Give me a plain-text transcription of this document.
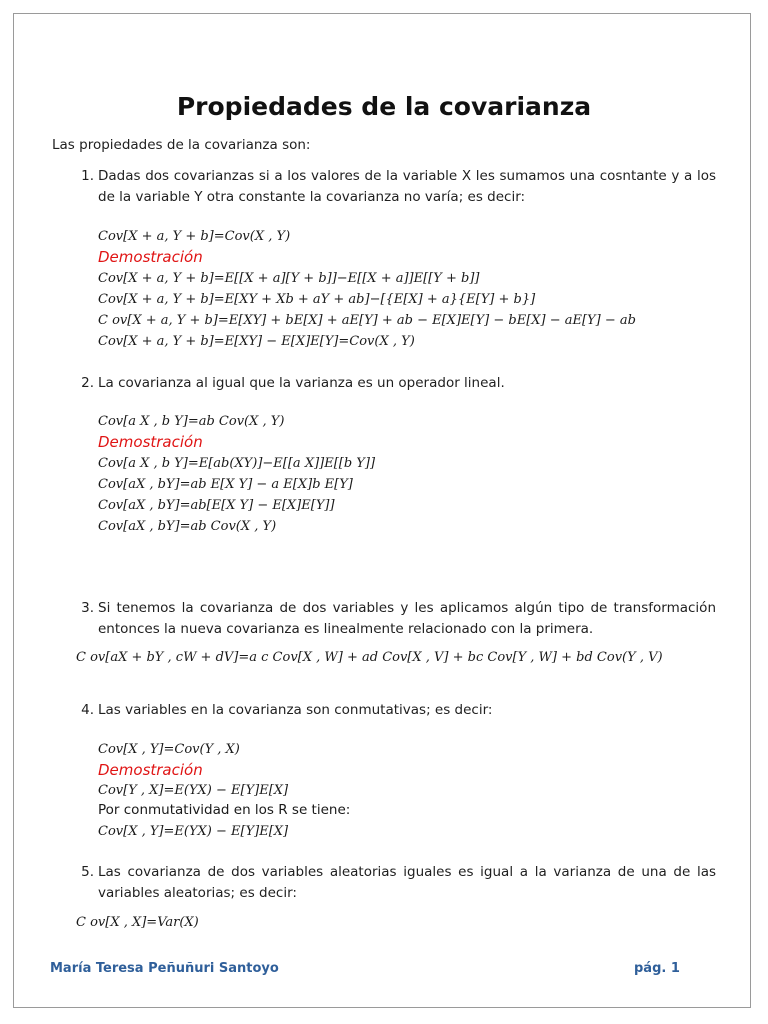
Propiedades de la covarianza
Las propiedades de la covarianza son:
1. Dadas dos covarianzas si a los valores de la variable X les sumamos una cosntante y a los de la variable Y otra constante la covarianza no varía; es decir:
Cov[X + a, Y + b]=Cov(X , Y)
Demostración
Cov[X + a, Y + b]=E[[X + a][Y + b]]−E[[X + a]]E[[Y + b]]
Cov[X + a, Y + b]=E[XY + Xb + aY + ab]−[{E[X] + a}{E[Y] + b}]
C ov[X + a, Y + b]=E[XY] + bE[X] + aE[Y] + ab − E[X]E[Y] − bE[X] − aE[Y] − ab
Cov[X + a, Y + b]=E[XY] − E[X]E[Y]=Cov(X , Y)
2. La covarianza al igual que la varianza es un operador lineal.
Cov[a X , b Y]=ab Cov(X , Y)
Demostración
Cov[a X , b Y]=E[ab(XY)]−E[[a X]]E[[b Y]]
Cov[aX , bY]=ab E[X Y] − a E[X]b E[Y]
Cov[aX , bY]=ab[E[X Y] − E[X]E[Y]]
Cov[aX , bY]=ab Cov(X , Y)
3. Si tenemos la covarianza de dos variables y les aplicamos algún tipo de transformación entonces la nueva covarianza es linealmente relacionado con la primera.
C ov[aX + bY , cW + dV]=a c Cov[X , W] + ad Cov[X , V] + bc Cov[Y , W] + bd Cov(Y , V)
4. Las variables en la covarianza son conmutativas; es decir:
Cov[X , Y]=Cov(Y , X)
Demostración
Cov[Y , X]=E(YX) − E[Y]E[X]
Por conmutatividad en los R se tiene:
Cov[X , Y]=E(YX) − E[Y]E[X]
5. Las covarianza de dos variables aleatorias iguales es igual a la varianza de una de las variables aleatorias; es decir:
C ov[X , X]=Var(X)
María Teresa Peñuñuri Santoyo	pág. 1
